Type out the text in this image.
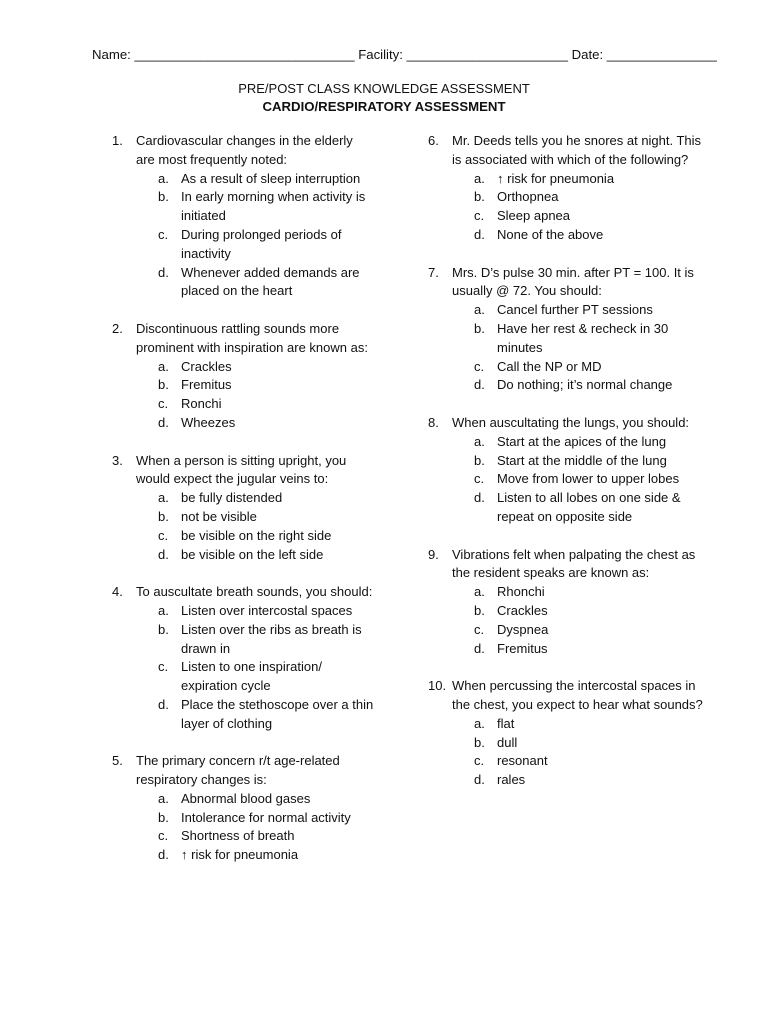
Name: ______________________________ Facility: ______________________ Date: _______________
PRE/POST CLASS KNOWLEDGE ASSESSMENT
CARDIO/RESPIRATORY ASSESSMENT
1.	Cardiovascular changes in the elderly are most frequently noted:
a. As a result of sleep interruption
b. In early morning when activity is initiated
c. During prolonged periods of inactivity
d. Whenever added demands are placed on the heart
2.	Discontinuous rattling sounds more prominent with inspiration are known as:
a. Crackles
b. Fremitus
c. Ronchi
d. Wheezes
3.	When a person is sitting upright, you would expect the jugular veins to:
a. be fully distended
b. not be visible
c. be visible on the right side
d. be visible on the left side
4.	To auscultate breath sounds, you should:
a. Listen over intercostal spaces
b. Listen over the ribs as breath is drawn in
c. Listen to one inspiration/ expiration cycle
d. Place the stethoscope over a thin layer of clothing
5.	The primary concern r/t age-related respiratory changes is:
a. Abnormal blood gases
b. Intolerance for normal activity
c. Shortness of breath
d. ↑ risk for pneumonia
6.	Mr. Deeds tells you he snores at night. This is associated with which of the following?
a. ↑ risk for pneumonia
b. Orthopnea
c. Sleep apnea
d. None of the above
7.	Mrs. D’s pulse 30 min. after PT = 100. It is usually @ 72. You should:
a. Cancel further PT sessions
b. Have her rest & recheck in 30 minutes
c. Call the NP or MD
d. Do nothing; it’s normal change
8.	When auscultating the lungs, you should:
a. Start at the apices of the lung
b. Start at the middle of the lung
c. Move from lower to upper lobes
d. Listen to all lobes on one side & repeat on opposite side
9.	Vibrations felt when palpating the chest as the resident speaks are known as:
a. Rhonchi
b. Crackles
c. Dyspnea
d. Fremitus
10. When percussing the intercostal spaces in the chest, you expect to hear what sounds?
a. flat
b. dull
c. resonant
d. rales
